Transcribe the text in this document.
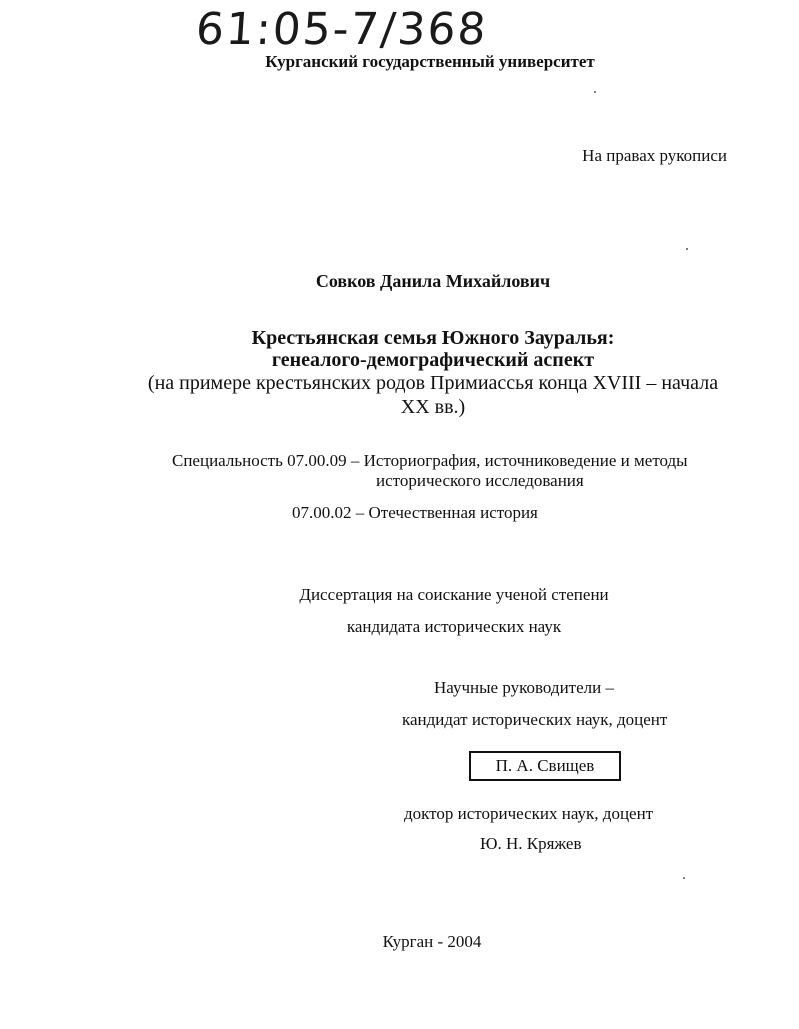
61:05-7/368
Курганский государственный университет
На правах рукописи
Совков Данила Михайлович
Крестьянская семья Южного Зауралья:
генеалого-демографический аспект
(на примере крестьянских родов Примиассья конца XVIII – начала
XX вв.)
Специальность 07.00.09 – Историография, источниковедение и методы
исторического исследования
07.00.02 – Отечественная история
Диссертация на соискание ученой степени
кандидата исторических наук
Научные руководители –
кандидат исторических наук, доцент
П. А. Свищев
доктор исторических наук, доцент
Ю. Н. Кряжев
Курган - 2004
